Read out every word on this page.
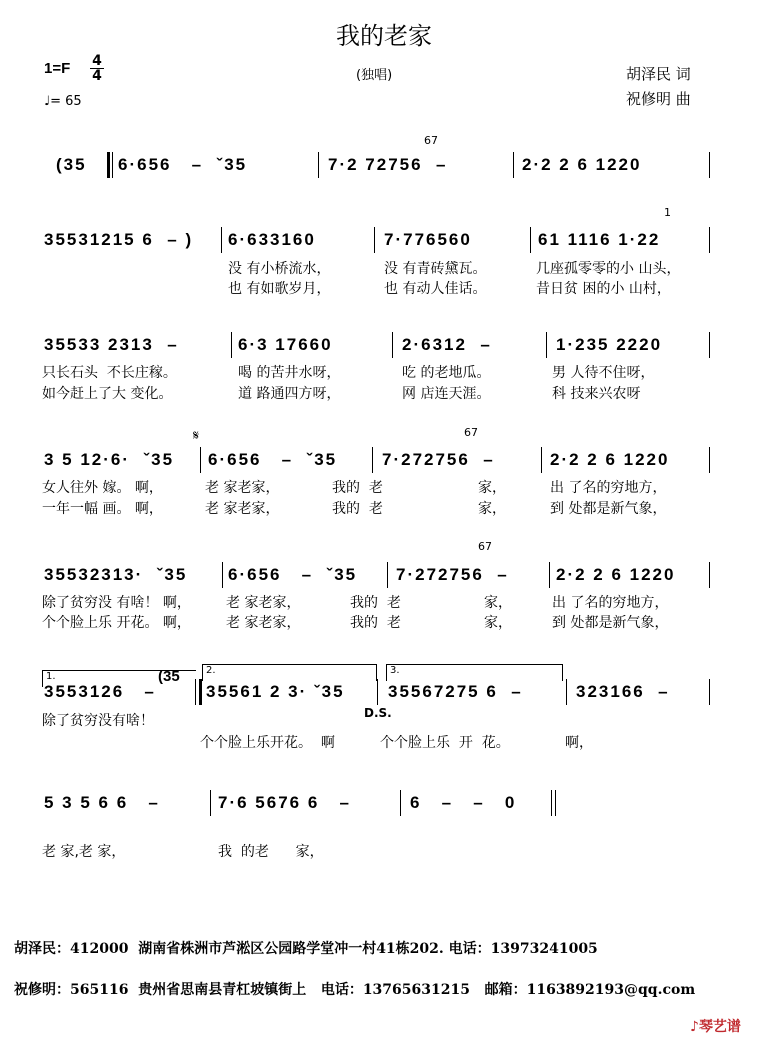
我的老家
1=F 4
4
♩= 65
(独唱)	胡泽民 词
祝修明 曲
(35 6·656   –  ˇ35	7·2 72756  –
67
2·2 2 6 1220
35531215 6  – ) 6·633160	7·776560	61 1116 1·22
1
没 有小桥流水，	没 有青砖黛瓦。	几座孤零零的小 山头，
也 有如歌岁月，	也 有动人佳话。	昔日贫 困的小 山村，
35533 2313  –	6·3 17660	2·6312  –	1·235 2220
只长石头  不长庄稼。	喝 的苦井水呀，	吃 的老地瓜。	男 人待不住呀，
如今赶上了大 变化。	道 路通四方呀，	网 店连天涯。	科 技来兴农呀
3 5 12·6·  ˇ35
𝄋
6·656   –  ˇ35	7·272756  –
67
2·2 2 6 1220
女人往外 嫁。 啊，	老 家老家，	我的  老	家，	出 了名的穷地方，
一年一幅 画。 啊，	老 家老家，	我的  老	家，	到 处都是新气象，
35532313·  ˇ35 6·656   –  ˇ35 7·272756  –
67
2·2 2 6 1220
除了贫穷没 有啥！ 啊，	老 家老家，	我的  老	家，	出 了名的穷地方，
个个脸上乐 开花。 啊，	老 家老家，	我的  老	家，	到 处都是新气象，
1.
2.	3.
3553126   –
(35
35561 2 3· ˇ35	35567275 6  –
D.S.
323166  –
除了贫穷没有啥！
个个脸上乐开花。  啊	个个脸上乐  开  花。	啊，
5 3 5 6 6   –	7·6 5676 6   –	6   –   –   0
老 家,老 家，	我  的老      家，
胡泽民：412000  湖南省株洲市芦淞区公园路学堂冲一村41栋202. 电话：13973241005
祝修明：565116  贵州省思南县青杠坡镇街上   电话：13765631215   邮箱：1163892193@qq.com
♪琴艺谱
